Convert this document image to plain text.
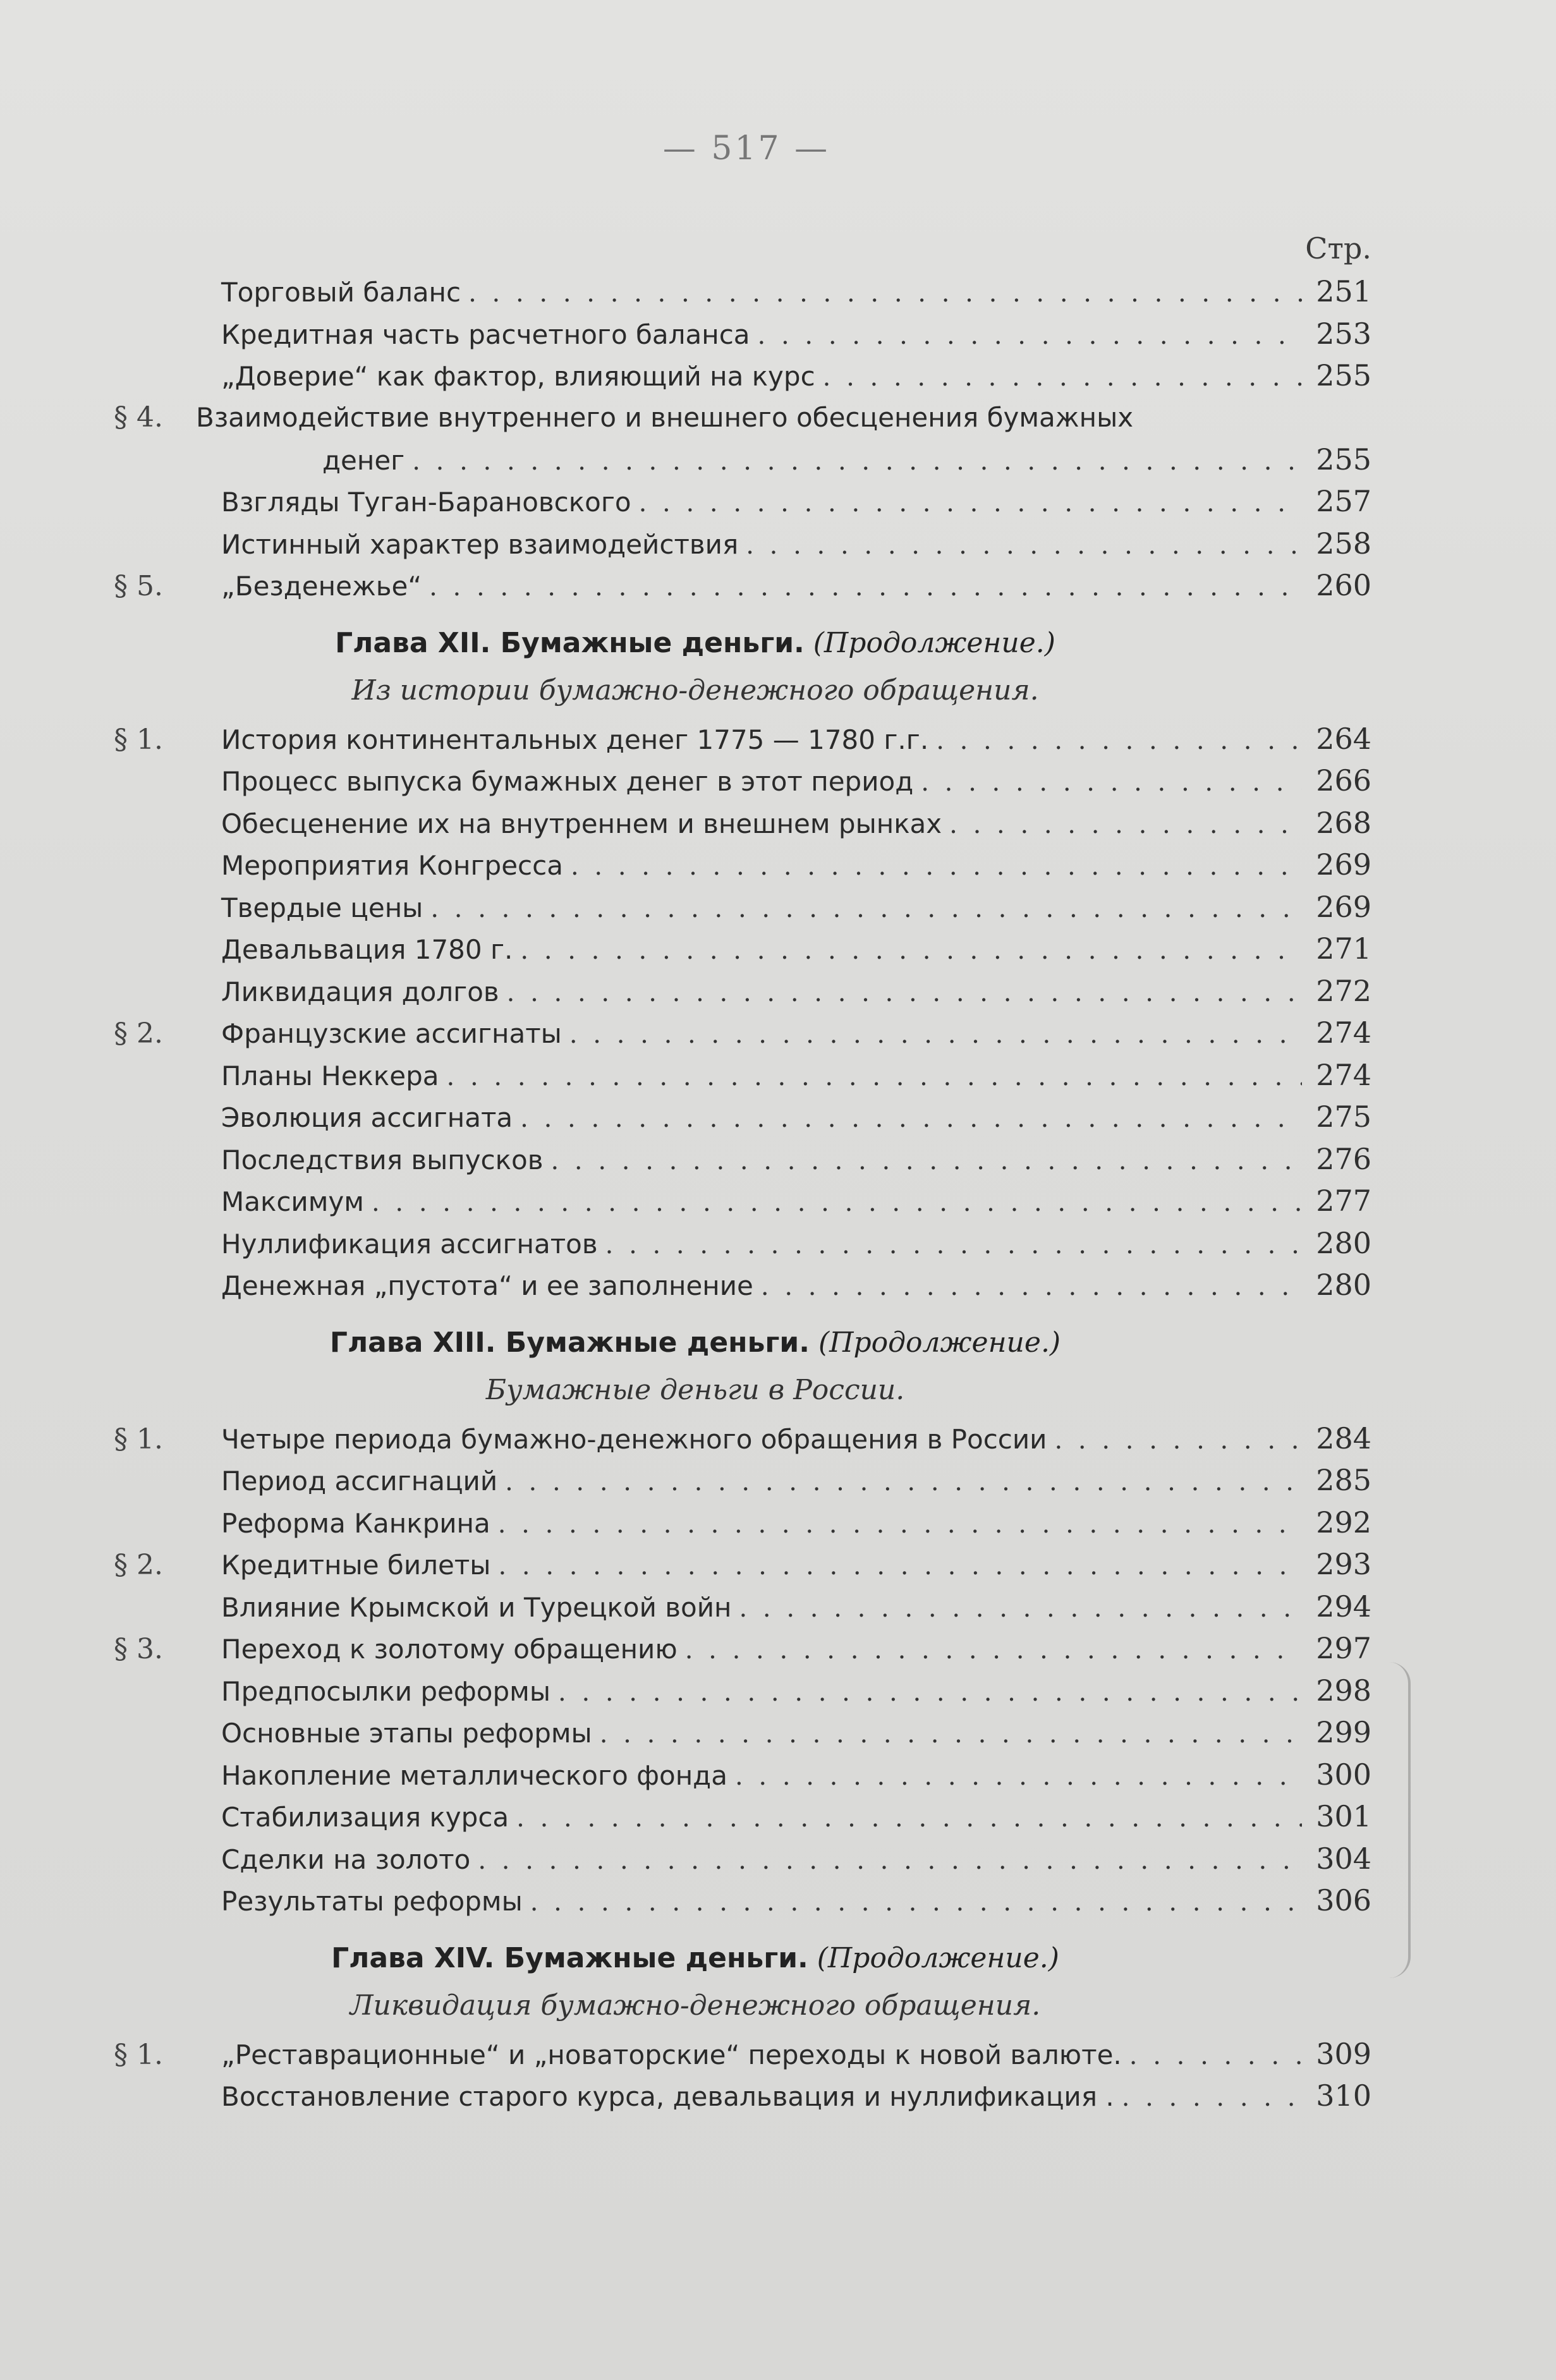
— 517 —
Стр.
Торговый баланс . . .	251
Кредитная часть расчетного баланса . . .	253
„Доверие“ как фактор, влияющий на курс . . .	255
§ 4.	Взаимодействие внутреннего и внешнего обесценения бумажных
денег . . .	255
Взгляды Туган-Барановского . . .	257
Истинный характер взаимодействия . . .	258
§ 5.	„Безденежье“ . . .	260
Глава XII. Бумажные деньги. (Продолжение.)
Из истории бумажно-денежного обращения.
§ 1.	История континентальных денег 1775 — 1780 г.г. . . .	264
Процесс выпуска бумажных денег в этот период . . .	266
Обесценение их на внутреннем и внешнем рынках . . .	268
Мероприятия Конгресса . . .	269
Твердые цены . . .	269
Девальвация 1780 г. . . .	271
Ликвидация долгов . . .	272
§ 2.	Французские ассигнаты . . .	274
Планы Неккера . . .	274
Эволюция ассигната . . .	275
Последствия выпусков . . .	276
Максимум . . .	277
Нуллификация ассигнатов . . .	280
Денежная „пустота“ и ее заполнение . . .	280
Глава XIII. Бумажные деньги. (Продолжение.)
Бумажные деньги в России.
§ 1.	Четыре периода бумажно-денежного обращения в России . . .	284
Период ассигнаций . . .	285
Реформа Канкрина . . .	292
§ 2.	Кредитные билеты . . .	293
Влияние Крымской и Турецкой войн . . .	294
§ 3.	Переход к золотому обращению . . .	297
Предпосылки реформы . . .	298
Основные этапы реформы . . .	299
Накопление металлического фонда . . .	300
Стабилизация курса . . .	301
Сделки на золото . . .	304
Результаты реформы . . .	306
Глава XIV. Бумажные деньги. (Продолжение.)
Ликвидация бумажно-денежного обращения.
§ 1.	„Реставрационные“ и „новаторские“ переходы к новой валюте. . . .	309
Восстановление старого курса, девальвация и нуллификация . . . .	310
